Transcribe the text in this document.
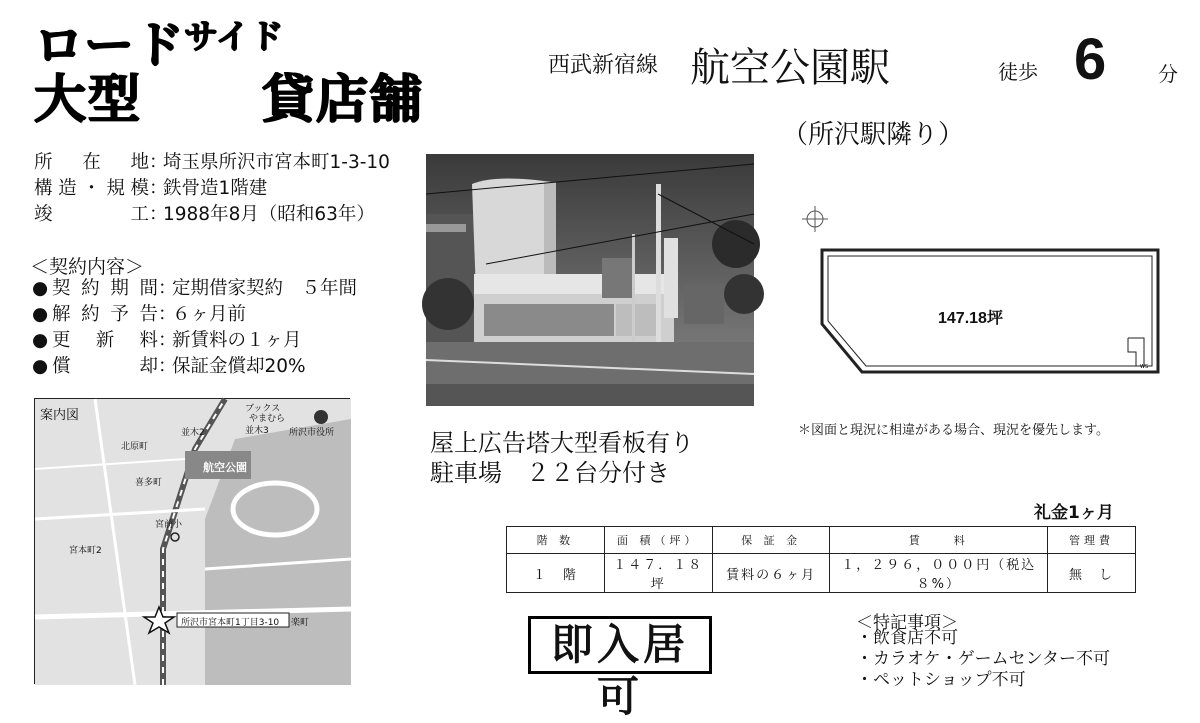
ロード$^{サイド}$
大型 貸店舗
西武新宿線 航空公園駅	徒歩 6	分
（所沢駅隣り）
所在地：埼玉県所沢市宮本町1-3-10
構造・規模：鉄骨造1階建
竣工：1988年8月（昭和63年）
＜契約内容＞
● 契約期間：定期借家契約　５年間
● 解約予告：６ヶ月前
● 更新料：新賃料の１ヶ月
● 償却：保証金償却20%	WS
147.18坪
＊図面と現況に相違がある場合、現況を優先します。
屋上広告塔大型看板有り
駐車場　２２台分付き
ブックス
やまむら
所沢市役所
並木2	並木3
北原町
航空公園
喜多町
宮本町2
宮前小
所沢市宮本町1丁目3-10 楽町
案内図
礼金1ヶ月
階 数	面 積（坪）	保 証 金	賃　　料	管理費
１　階	１４７．１８ 坪	賃料の６ヶ月	１，２９６，０００円（税込８%）	無　し
即入居可
＜特記事項＞
・飲食店不可
・カラオケ・ゲームセンター不可
・ペットショップ不可
